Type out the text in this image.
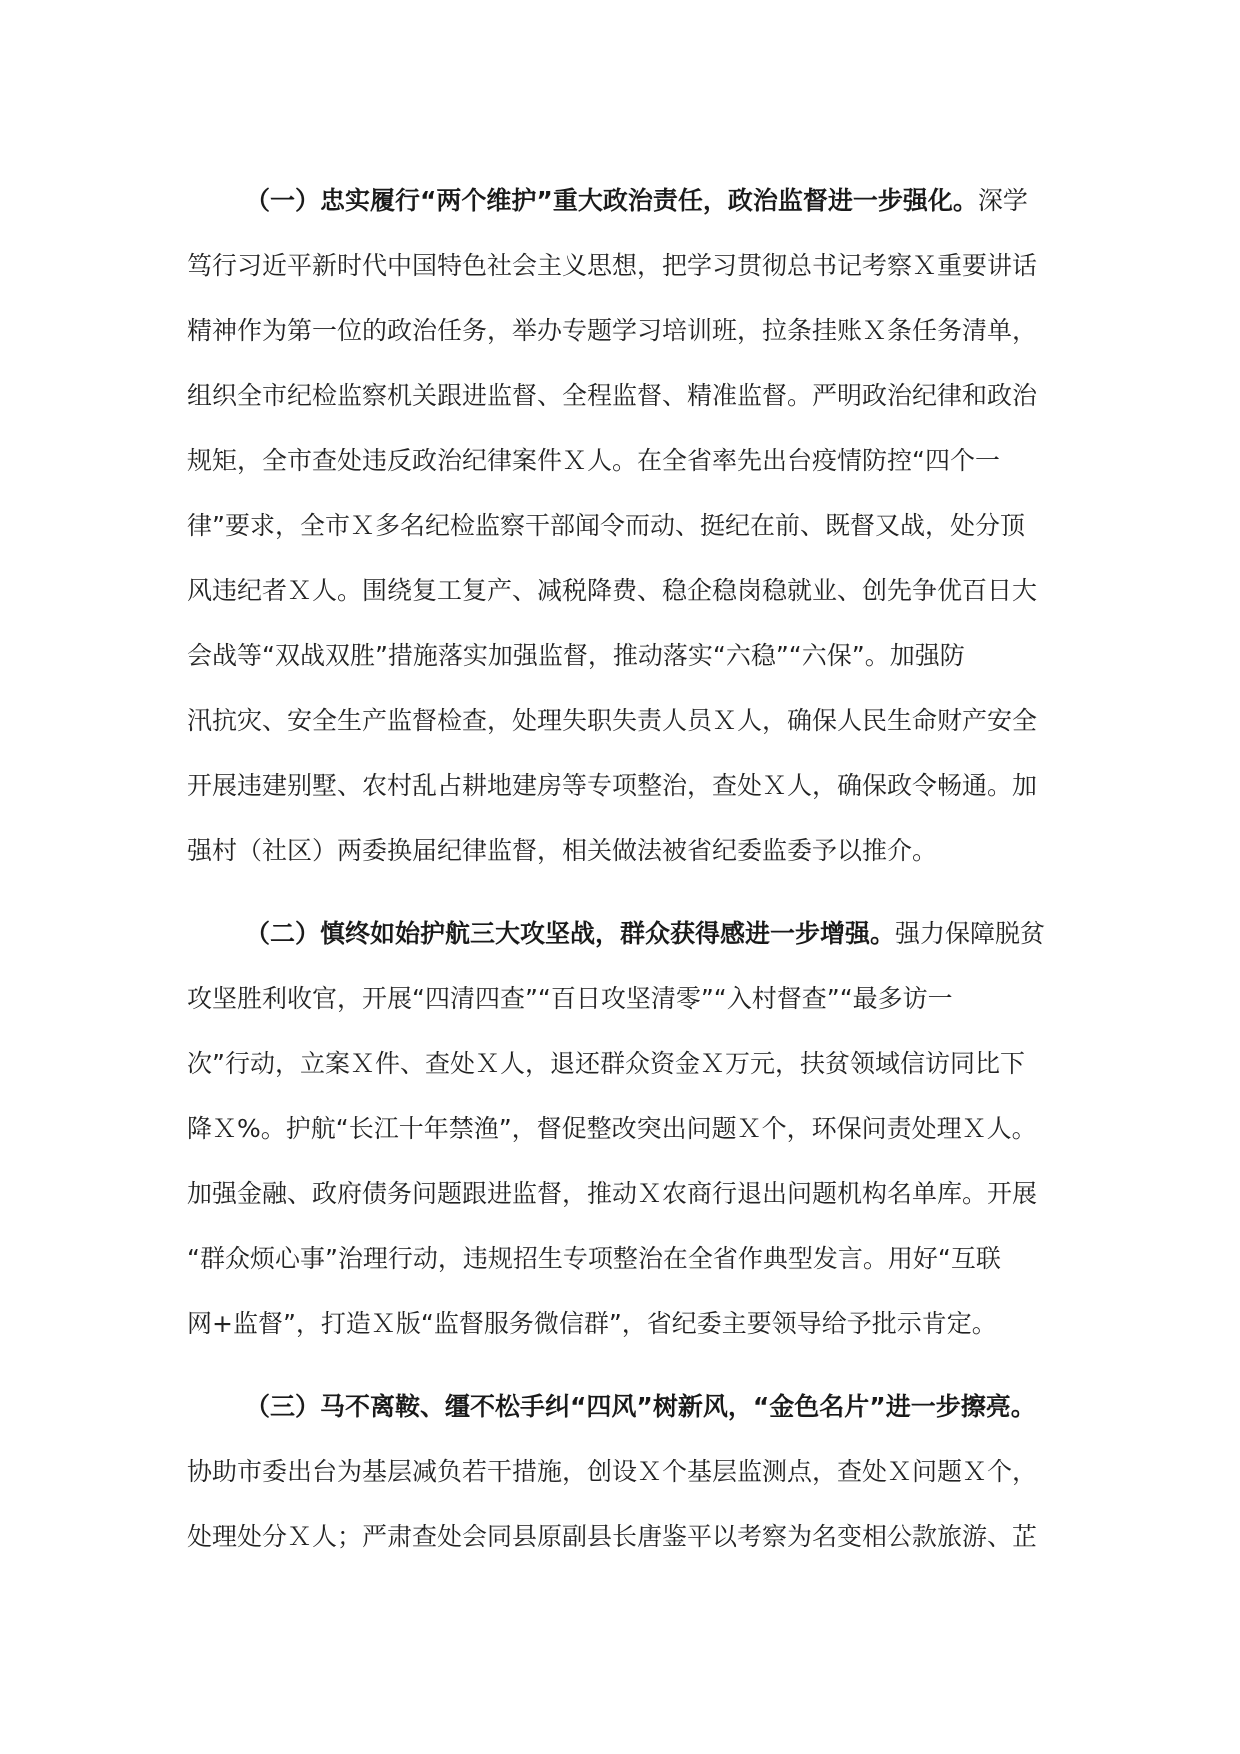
（一）忠实履行“两个维护”重大政治责任，政治监督进一步强化。深学
笃行习近平新时代中国特色社会主义思想，把学习贯彻总书记考察Ｘ重要讲话
精神作为第一位的政治任务，举办专题学习培训班，拉条挂账Ｘ条任务清单，
组织全市纪检监察机关跟进监督、全程监督、精准监督。严明政治纪律和政治
规矩，全市查处违反政治纪律案件Ｘ人。在全省率先出台疫情防控“四个一
律”要求，全市Ｘ多名纪检监察干部闻令而动、挺纪在前、既督又战，处分顶
风违纪者Ｘ人。围绕复工复产、减税降费、稳企稳岗稳就业、创先争优百日大
会战等“双战双胜”措施落实加强监督，推动落实“六稳”“六保”。加强防
汛抗灾、安全生产监督检查，处理失职失责人员Ｘ人，确保人民生命财产安全
开展违建别墅、农村乱占耕地建房等专项整治，查处Ｘ人，确保政令畅通。加
强村（社区）两委换届纪律监督，相关做法被省纪委监委予以推介。
（二）慎终如始护航三大攻坚战，群众获得感进一步增强。强力保障脱贫
攻坚胜利收官，开展“四清四查”“百日攻坚清零”“入村督查”“最多访一
次”行动，立案Ｘ件、查处Ｘ人，退还群众资金Ｘ万元，扶贫领域信访同比下
降Ｘ%。护航“长江十年禁渔”，督促整改突出问题Ｘ个，环保问责处理Ｘ人。
加强金融、政府债务问题跟进监督，推动Ｘ农商行退出问题机构名单库。开展
“群众烦心事”治理行动，违规招生专项整治在全省作典型发言。用好“互联
网+监督”，打造Ｘ版“监督服务微信群”，省纪委主要领导给予批示肯定。
（三）马不离鞍、缰不松手纠“四风”树新风，“金色名片”进一步擦亮。
协助市委出台为基层减负若干措施，创设Ｘ个基层监测点，查处Ｘ问题Ｘ个，
处理处分Ｘ人；严肃查处会同县原副县长唐鉴平以考察为名变相公款旅游、芷
